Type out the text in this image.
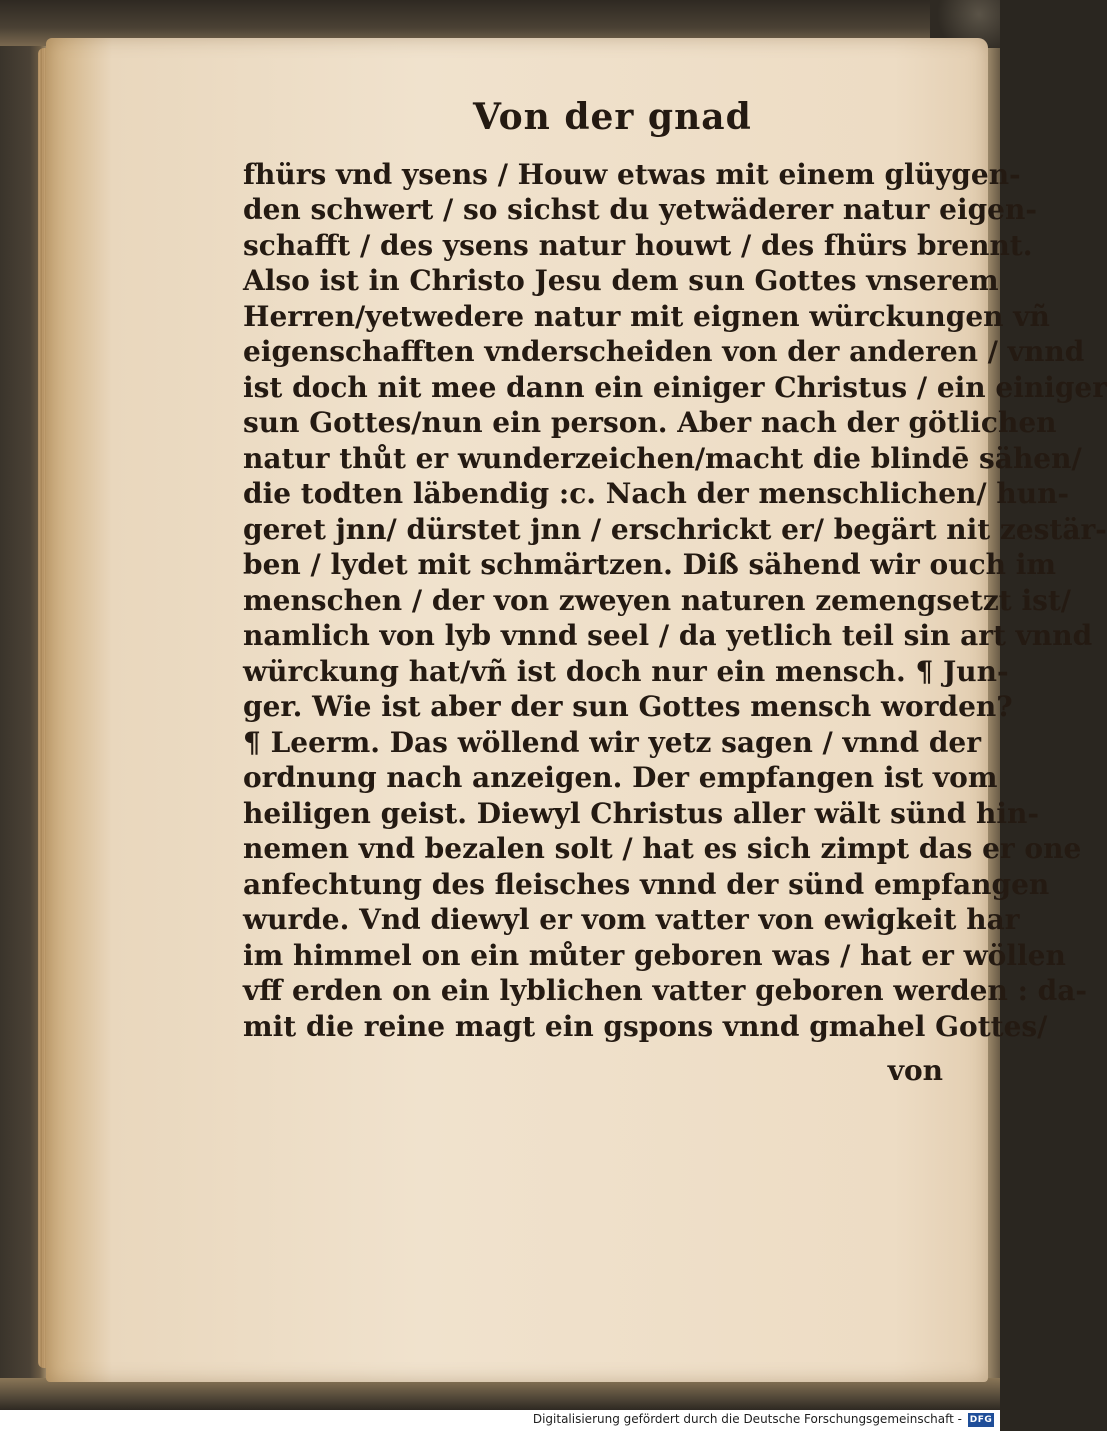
Von der gnad
fhürs vnd ysens / Houw etwas mit einem glüygen-
den schwert / so sichst du yetwäderer natur eigen-
schafft / des ysens natur houwt / des fhürs brennt.
Also ist in Christo Jesu dem sun Gottes vnserem
Herren/yetwedere natur mit eignen würckungen vñ
eigenschafften vnderscheiden von der anderen / vnnd
ist doch nit mee dann ein einiger Christus / ein einiger
sun Gottes/nun ein person. Aber nach der götlichen
natur thůt er wunderzeichen/macht die blindē sähen/
die todten läbendig :c. Nach der menschlichen/ hun-
geret jnn/ dürstet jnn / erschrickt er/ begärt nit zestär-
ben / lydet mit schmärtzen. Diß sähend wir ouch im
menschen / der von zweyen naturen zemengsetzt ist/
namlich von lyb vnnd seel / da yetlich teil sin art vnnd
würckung hat/vñ ist doch nur ein mensch. ¶ Jun-
ger. Wie ist aber der sun Gottes mensch worden?
¶ Leerm. Das wöllend wir yetz sagen / vnnd der
ordnung nach anzeigen. Der empfangen ist vom
heiligen geist. Diewyl Christus aller wält sünd hin-
nemen vnd bezalen solt / hat es sich zimpt das er one
anfechtung des fleisches vnnd der sünd empfangen
wurde. Vnd diewyl er vom vatter von ewigkeit har
im himmel on ein můter geboren was / hat er wöllen
vff erden on ein lyblichen vatter geboren werden : da-
mit die reine magt ein gspons vnnd gmahel Gottes/
von
Digitalisierung gefördert durch die Deutsche Forschungsgemeinschaft - DFG
